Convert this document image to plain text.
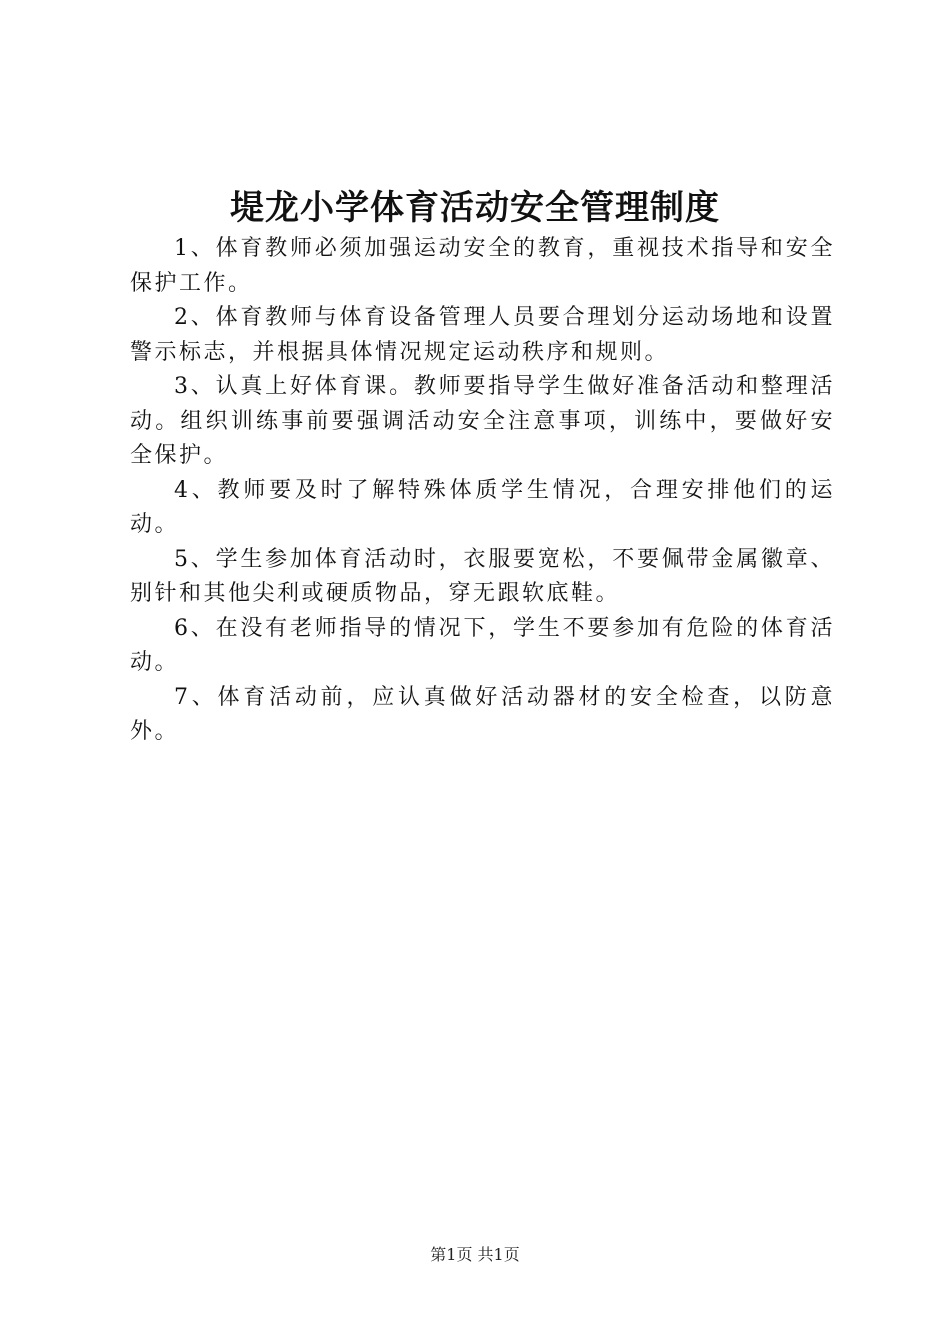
堤龙小学体育活动安全管理制度

1、体育教师必须加强运动安全的教育，重视技术指导和安全保护工作。

2、体育教师与体育设备管理人员要合理划分运动场地和设置警示标志，并根据具体情况规定运动秩序和规则。

3、认真上好体育课。教师要指导学生做好准备活动和整理活动。组织训练事前要强调活动安全注意事项，训练中，要做好安全保护。

4、教师要及时了解特殊体质学生情况，合理安排他们的运动。

5、学生参加体育活动时，衣服要宽松，不要佩带金属徽章、别针和其他尖利或硬质物品，穿无跟软底鞋。

6、在没有老师指导的情况下，学生不要参加有危险的体育活动。

7、体育活动前，应认真做好活动器材的安全检查，以防意外。

第1页 共1页
